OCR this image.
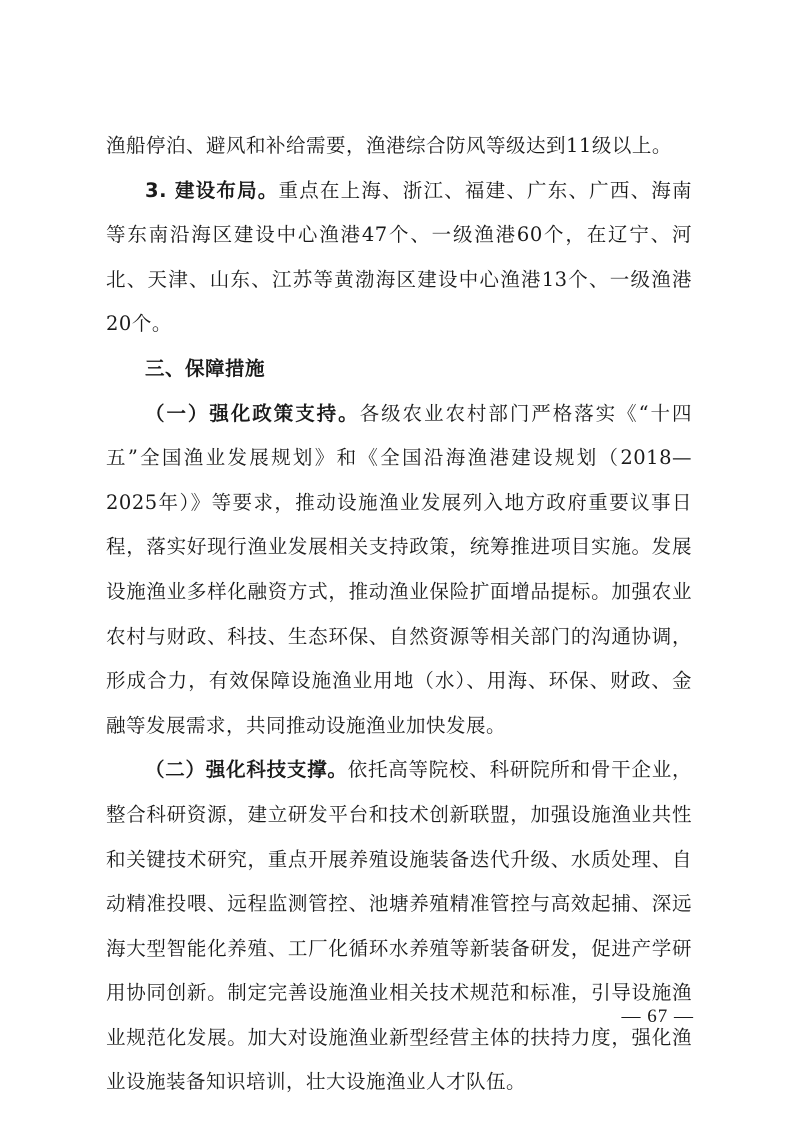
渔船停泊、避风和补给需要，渔港综合防风等级达到11级以上。

3. 建设布局。重点在上海、浙江、福建、广东、广西、海南等东南沿海区建设中心渔港47个、一级渔港60个，在辽宁、河北、天津、山东、江苏等黄渤海区建设中心渔港13个、一级渔港20个。

三、保障措施

（一）强化政策支持。各级农业农村部门严格落实《“十四五”全国渔业发展规划》和《全国沿海渔港建设规划（2018—2025年）》等要求，推动设施渔业发展列入地方政府重要议事日程，落实好现行渔业发展相关支持政策，统筹推进项目实施。发展设施渔业多样化融资方式，推动渔业保险扩面增品提标。加强农业农村与财政、科技、生态环保、自然资源等相关部门的沟通协调，形成合力，有效保障设施渔业用地（水）、用海、环保、财政、金融等发展需求，共同推动设施渔业加快发展。

（二）强化科技支撑。依托高等院校、科研院所和骨干企业，整合科研资源，建立研发平台和技术创新联盟，加强设施渔业共性和关键技术研究，重点开展养殖设施装备迭代升级、水质处理、自动精准投喂、远程监测管控、池塘养殖精准管控与高效起捕、深远海大型智能化养殖、工厂化循环水养殖等新装备研发，促进产学研用协同创新。制定完善设施渔业相关技术规范和标准，引导设施渔业规范化发展。加大对设施渔业新型经营主体的扶持力度，强化渔业设施装备知识培训，壮大设施渔业人才队伍。

— 67 —
